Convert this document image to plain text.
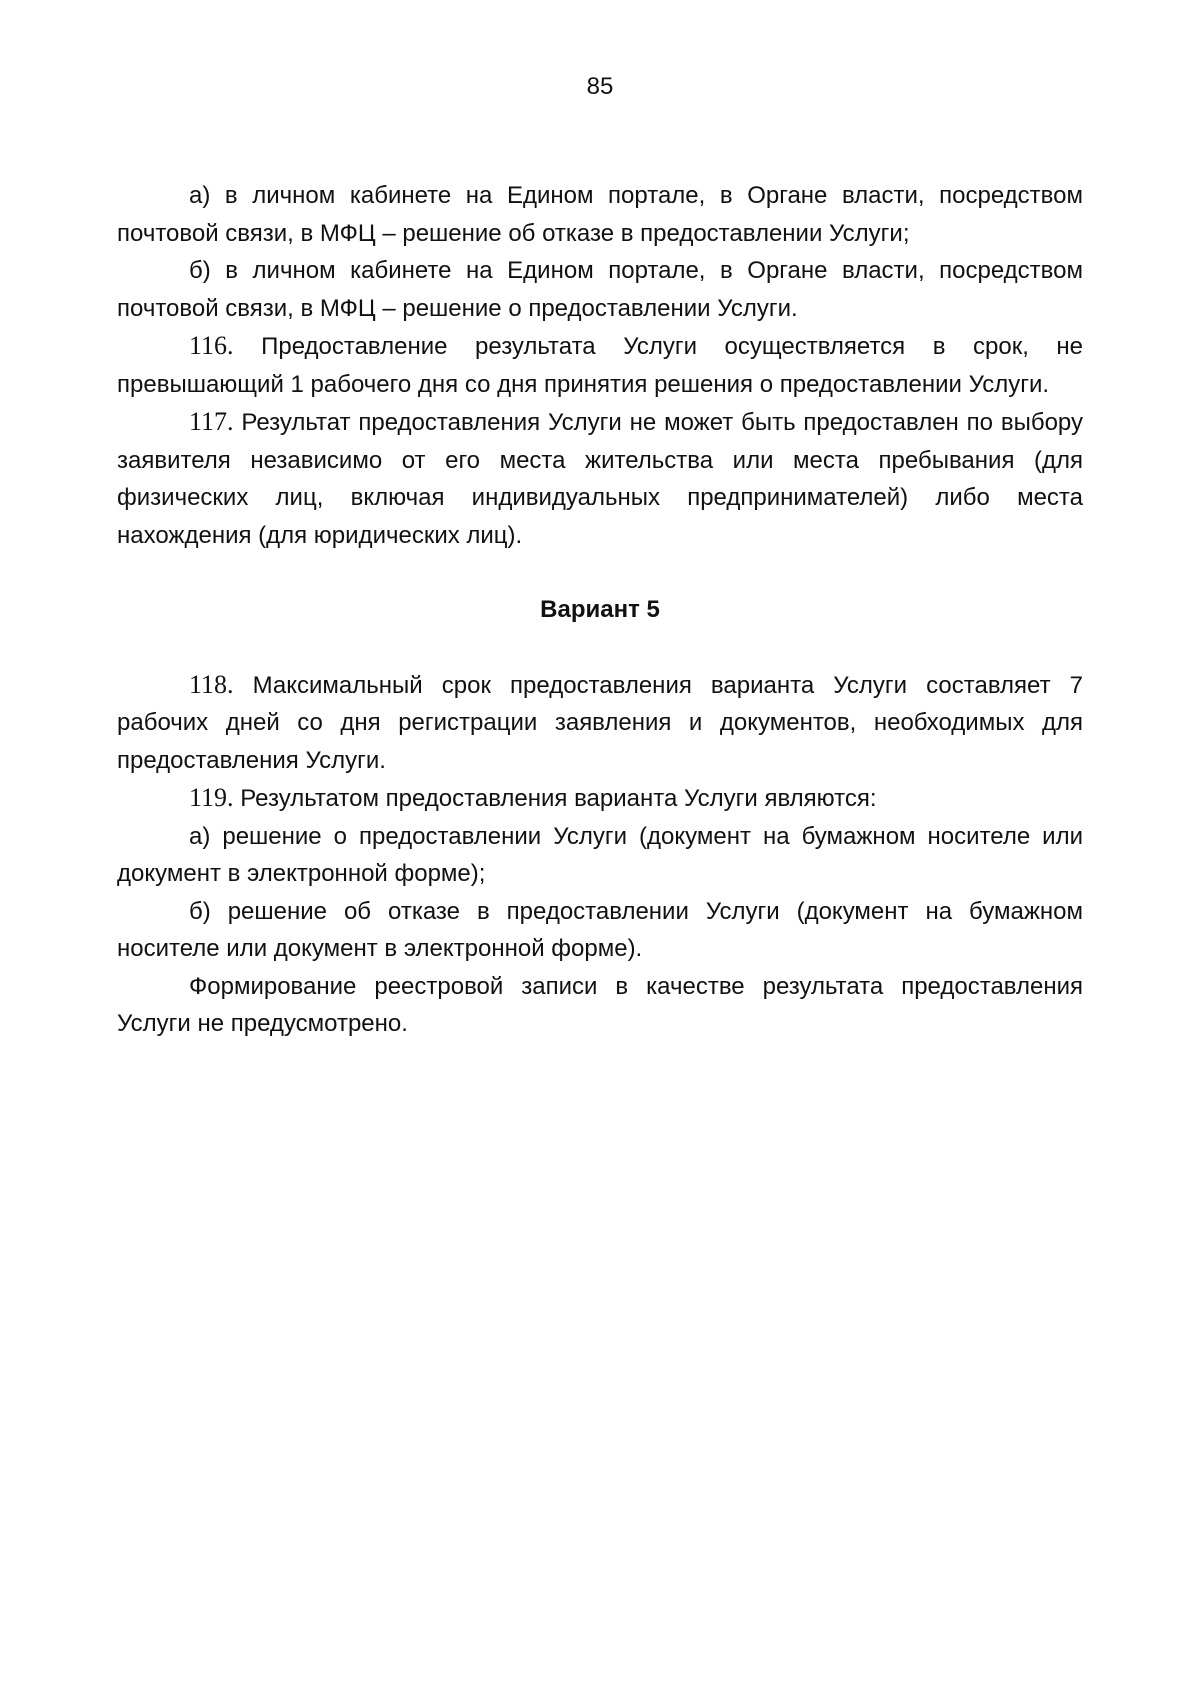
85

а) в личном кабинете на Едином портале, в Органе власти, посредством почтовой связи, в МФЦ – решение об отказе в предоставлении Услуги;

б) в личном кабинете на Едином портале, в Органе власти, посредством почтовой связи, в МФЦ – решение о предоставлении Услуги.

116. Предоставление результата Услуги осуществляется в срок, не превышающий 1 рабочего дня со дня принятия решения о предоставлении Услуги.

117. Результат предоставления Услуги не может быть предоставлен по выбору заявителя независимо от его места жительства или места пребывания (для физических лиц, включая индивидуальных предпринимателей) либо места нахождения (для юридических лиц).

Вариант 5

118. Максимальный срок предоставления варианта Услуги составляет 7 рабочих дней со дня регистрации заявления и документов, необходимых для предоставления Услуги.

119. Результатом предоставления варианта Услуги являются:

а) решение о предоставлении Услуги (документ на бумажном носителе или документ в электронной форме);

б) решение об отказе в предоставлении Услуги (документ на бумажном носителе или документ в электронной форме).

Формирование реестровой записи в качестве результата предоставления Услуги не предусмотрено.
